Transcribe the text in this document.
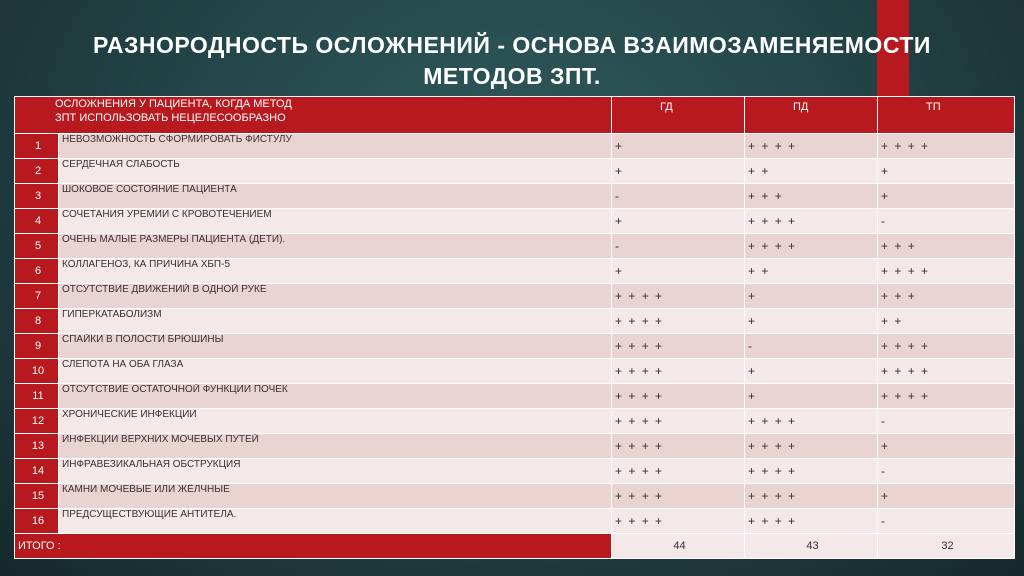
РАЗНОРОДНОСТЬ ОСЛОЖНЕНИЙ - ОСНОВА ВЗАИМОЗАМЕНЯЕМОСТИ
МЕТОДОВ ЗПТ.
ОСЛОЖНЕНИЯ У ПАЦИЕНТА, КОГДА МЕТОД
ЗПТ ИСПОЛЬЗОВАТЬ НЕЦЕЛЕСООБРАЗНО		ГД	ПД	ТП
1	НЕВОЗМОЖНОСТЬ СФОРМИРОВАТЬ ФИСТУЛУ	+	+ + + +	+ + + +
2	СЕРДЕЧНАЯ СЛАБОСТЬ	+	+ +	+
3	ШОКОВОЕ СОСТОЯНИЕ ПАЦИЕНТА	-	+ + +	+
4	СОЧЕТАНИЯ УРЕМИИ С КРОВОТЕЧЕНИЕМ	+	+ + + +	-
5	ОЧЕНЬ МАЛЫЕ РАЗМЕРЫ ПАЦИЕНТА (ДЕТИ).	-	+ + + +	+ + +
6	КОЛЛАГЕНОЗ, КА ПРИЧИНА ХБП-5	+	+ +	+ + + +
7	ОТСУТСТВИЕ ДВИЖЕНИЙ В ОДНОЙ РУКЕ	+ + + +	+	+ + +
8	ГИПЕРКАТАБОЛИЗМ	+ + + +	+	+ +
9	СПАЙКИ В ПОЛОСТИ БРЮШИНЫ	+ + + +	-	+ + + +
10	СЛЕПОТА НА ОБА ГЛАЗА	+ + + +	+	+ + + +
11	ОТСУТСТВИЕ ОСТАТОЧНОЙ ФУНКЦИИ ПОЧЕК	+ + + +	+	+ + + +
12	ХРОНИЧЕСКИЕ ИНФЕКЦИИ	+ + + +	+ + + +	-
13	ИНФЕКЦИИ ВЕРХНИХ МОЧЕВЫХ ПУТЕЙ	+ + + +	+ + + +	+
14	ИНФРАВЕЗИКАЛЬНАЯ ОБСТРУКЦИЯ	+ + + +	+ + + +	-
15	КАМНИ МОЧЕВЫЕ ИЛИ ЖЁЛЧНЫЕ	+ + + +	+ + + +	+
16	ПРЕДСУЩЕСТВУЮЩИЕ АНТИТЕЛА.	+ + + +	+ + + +	-
ИТОГО :		44	43	32
